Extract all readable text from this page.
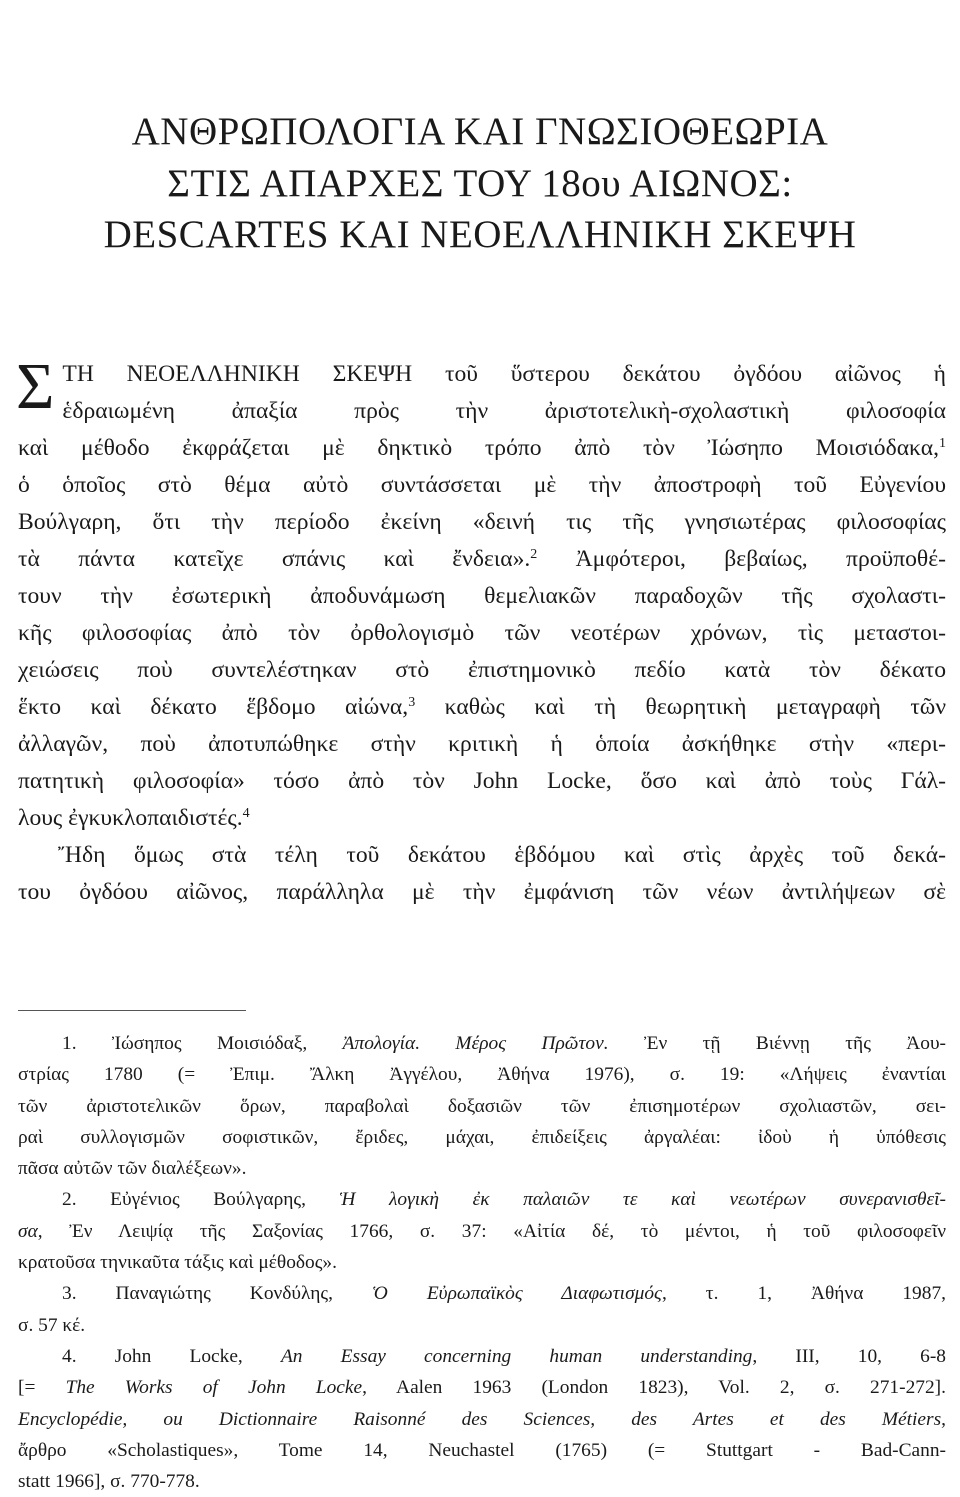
ΑΝΘΡΩΠΟΛΟΓΙΑ ΚΑΙ ΓΝΩΣΙΟΘΕΩΡΙΑ
ΣΤΙΣ ΑΠΑΡΧΕΣ ΤΟΥ 18ου ΑΙΩΝΟΣ:
DESCARTES ΚΑΙ ΝΕΟΕΛΛΗΝΙΚΗ ΣΚΕΨΗ
Σ ΤΗ ΝΕΟΕΛΛΗΝΙΚΗ ΣΚΕΨΗ τοῦ ὕστερου δεκάτου ὀγδόου αἰῶνος ἡ
ἑδραιωμένη ἀπαξία πρὸς τὴν ἀριστοτελικὴ-σχολαστικὴ φιλοσοφία
καὶ μέθοδο ἐκφράζεται μὲ δηκτικὸ τρόπο ἀπὸ τὸν Ἰώσηπο Μοισιόδακα,$^1$
ὁ ὁποῖος στὸ θέμα αὐτὸ συντάσσεται μὲ τὴν ἀποστροφὴ τοῦ Εὐγενίου
Βούλγαρη, ὅτι τὴν περίοδο ἐκείνη «δεινή τις τῆς γνησιωτέρας φιλοσοφίας
τὰ πάντα κατεῖχε σπάνις καὶ ἔνδεια».$^2$ Ἀμφότεροι, βεβαίως, προϋποθέ-
τουν τὴν ἐσωτερικὴ ἀποδυνάμωση θεμελιακῶν παραδοχῶν τῆς σχολαστι-
κῆς φιλοσοφίας ἀπὸ τὸν ὀρθολογισμὸ τῶν νεοτέρων χρόνων, τὶς μεταστοι-
χειώσεις ποὺ συντελέστηκαν στὸ ἐπιστημονικὸ πεδίο κατὰ τὸν δέκατο
ἕκτο καὶ δέκατο ἕβδομο αἰώνα,$^3$ καθὼς καὶ τὴ θεωρητικὴ μεταγραφὴ τῶν
ἀλλαγῶν, ποὺ ἀποτυπώθηκε στὴν κριτικὴ ἡ ὁποία ἀσκήθηκε στὴν «περι-
πατητικὴ φιλοσοφία» τόσο ἀπὸ τὸν John Locke, ὅσο καὶ ἀπὸ τοὺς Γάλ-
λους ἐγκυκλοπαιδιστές.$^4$
Ἤδη ὅμως στὰ τέλη τοῦ δεκάτου ἑβδόμου καὶ στὶς ἀρχὲς τοῦ δεκά-
του ὀγδόου αἰῶνος, παράλληλα μὲ τὴν ἐμφάνιση τῶν νέων ἀντιλήψεων σὲ
1. Ἰώσηπος Μοισιόδαξ, Ἀπολογία. Μέρος Πρῶτον. Ἐν τῇ Βιέννῃ τῆς Ἀου-
στρίας 1780 (= Ἐπιμ. Ἄλκη Ἀγγέλου, Ἀθήνα 1976), σ. 19: «Λήψεις ἐναντίαι
τῶν ἀριστοτελικῶν ὅρων, παραβολαὶ δοξασιῶν τῶν ἐπισημοτέρων σχολιαστῶν, σει-
ραὶ συλλογισμῶν σοφιστικῶν, ἔριδες, μάχαι, ἐπιδείξεις ἀργαλέαι: ἰδοὺ ἡ ὑπόθεσις
πᾶσα αὐτῶν τῶν διαλέξεων».
2. Εὐγένιος Βούλγαρης, Ἡ λογικὴ ἐκ παλαιῶν τε καὶ νεωτέρων συνερανισθεῖ-
σα, Ἐν Λειψίᾳ τῆς Σαξονίας 1766, σ. 37: «Αἰτία δέ, τὸ μέντοι, ἡ τοῦ φιλοσοφεῖν
κρατοῦσα τηνικαῦτα τάξις καὶ μέθοδος».
3. Παναγιώτης Κονδύλης, Ὁ Εὐρωπαϊκὸς Διαφωτισμός, τ. 1, Ἀθήνα 1987,
σ. 57 κέ.
4. John Locke, An Essay concerning human understanding, III, 10, 6-8
[= The Works of John Locke, Aalen 1963 (London 1823), Vol. 2, σ. 271-272].
Encyclopédie, ou Dictionnaire Raisonné des Sciences, des Artes et des Métiers,
ἄρθρο «Scholastiques», Tome 14, Neuchastel (1765) (= Stuttgart - Bad-Cann-
statt 1966], σ. 770-778.
